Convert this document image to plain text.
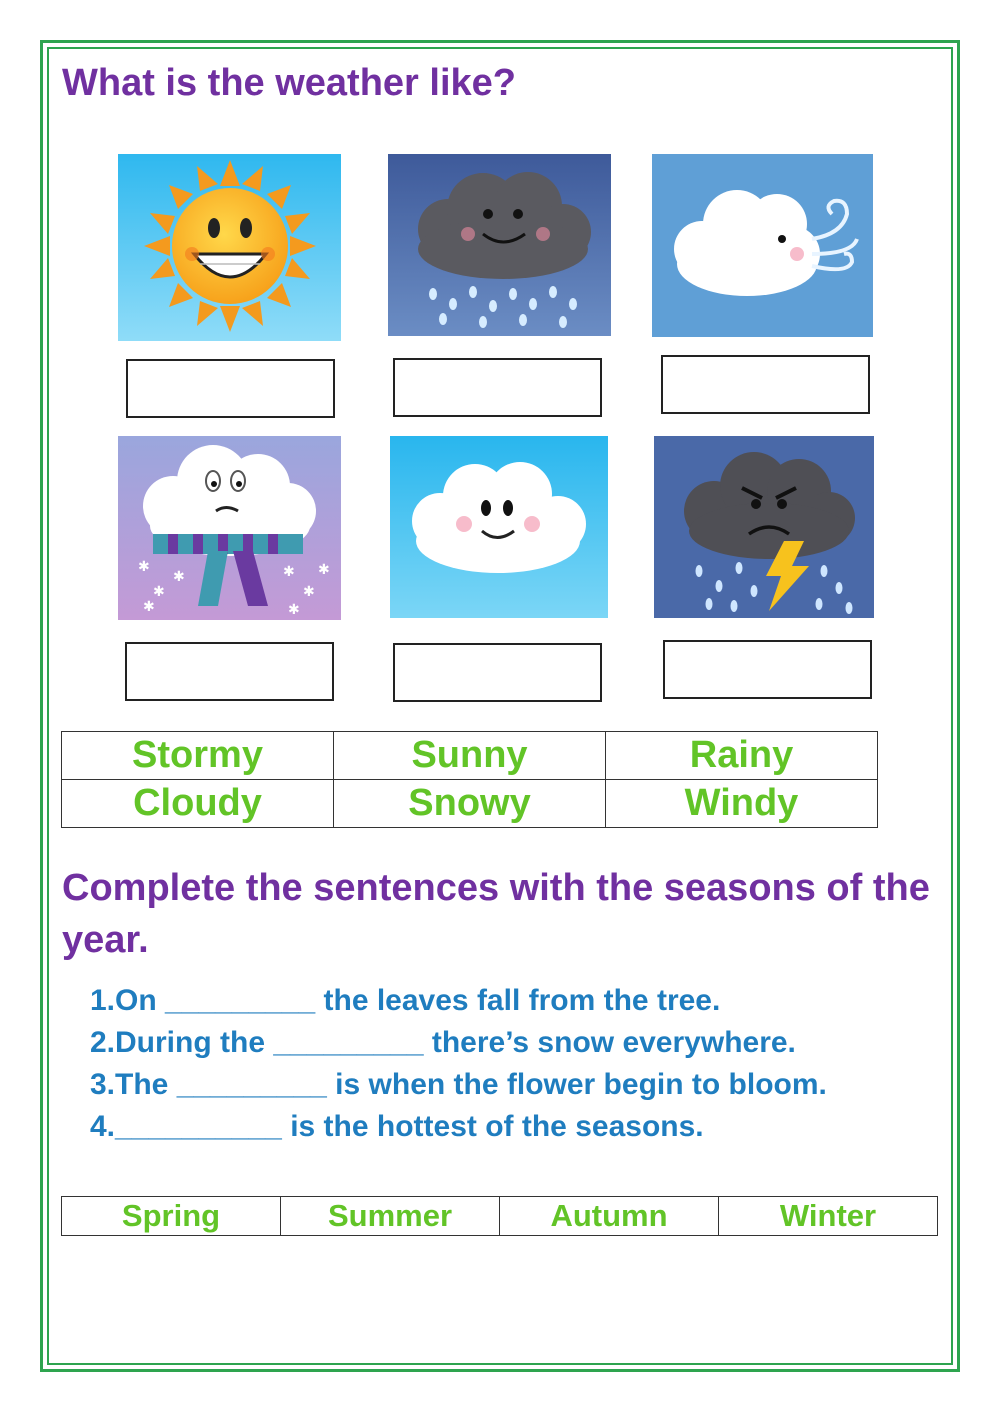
What is the weather like?
✱
✱
✱	✱
✱
✱
✱	✱
Stormy	Sunny	Rainy
Cloudy	Snowy	Windy
Complete the sentences with the seasons of the year.
1.On _________ the leaves fall from the tree.
2.During the _________ there’s snow everywhere.
3.The _________ is when the flower begin to bloom.
4.__________ is the hottest of the seasons.
Spring	Summer	Autumn	Winter
